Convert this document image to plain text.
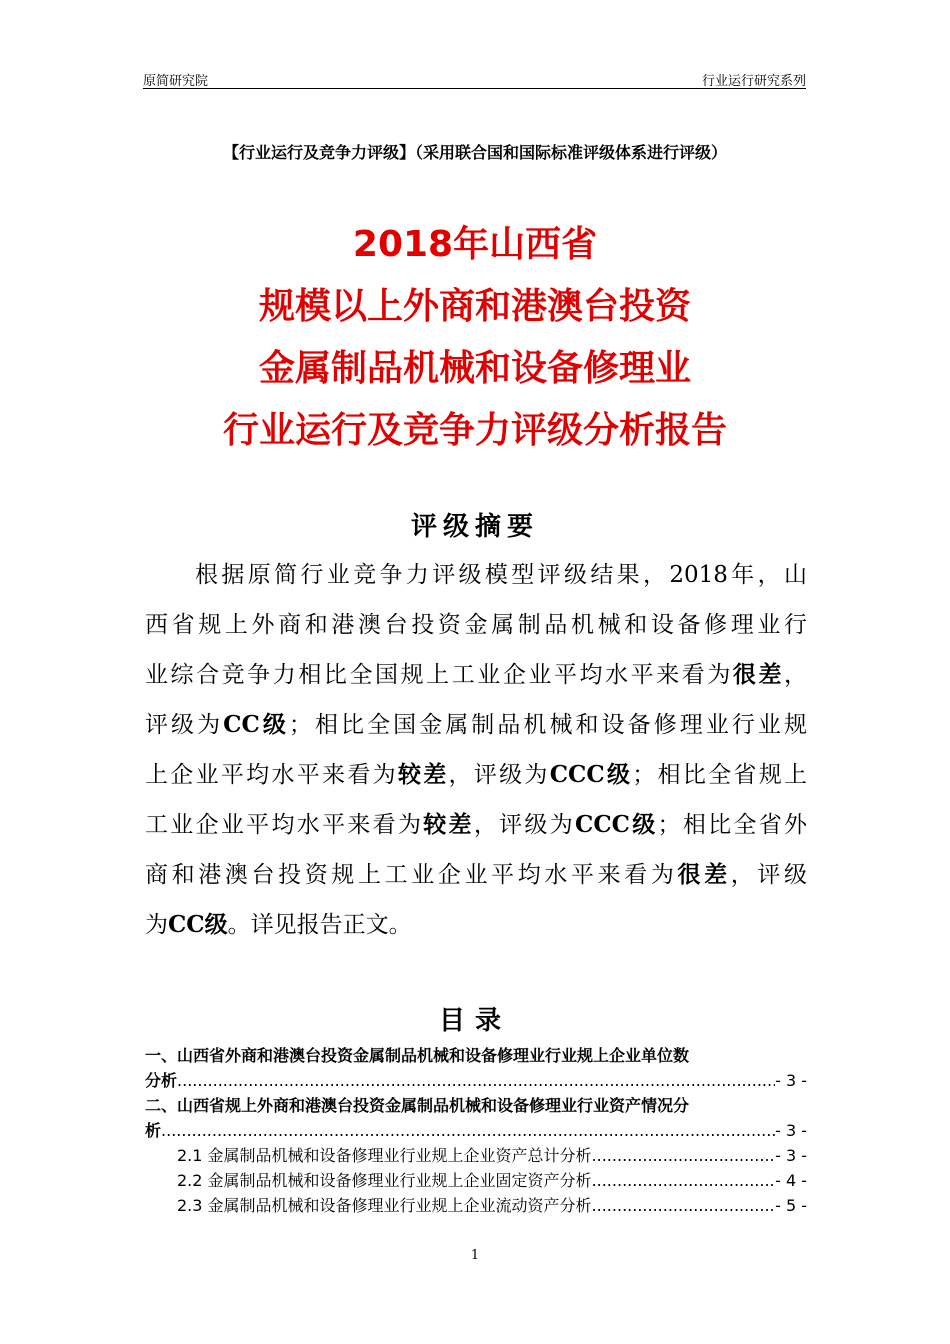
原简研究院	行业运行研究系列
【行业运行及竞争力评级】（采用联合国和国际标准评级体系进行评级）
2018年山西省
规模以上外商和港澳台投资
金属制品机械和设备修理业
行业运行及竞争力评级分析报告
评级摘要
根据原简行业竞争力评级模型评级结果，2018年，山
西省规上外商和港澳台投资金属制品机械和设备修理业行
业综合竞争力相比全国规上工业企业平均水平来看为很差，
评级为CC级；相比全国金属制品机械和设备修理业行业规
上企业平均水平来看为较差，评级为CCC级；相比全省规上
工业企业平均水平来看为较差，评级为CCC级；相比全省外
商和港澳台投资规上工业企业平均水平来看为很差，评级
为CC级。详见报告正文。
目录
一、山西省外商和港澳台投资金属制品机械和设备修理业行业规上企业单位数
分析 .....	- 3 -
二、山西省规上外商和港澳台投资金属制品机械和设备修理业行业资产情况分
析 .....	- 3 -
2.1 金属制品机械和设备修理业行业规上企业资产总计分析 .....	- 3 -
2.2 金属制品机械和设备修理业行业规上企业固定资产分析 .....	- 4 -
2.3 金属制品机械和设备修理业行业规上企业流动资产分析 .....	- 5 -
1
